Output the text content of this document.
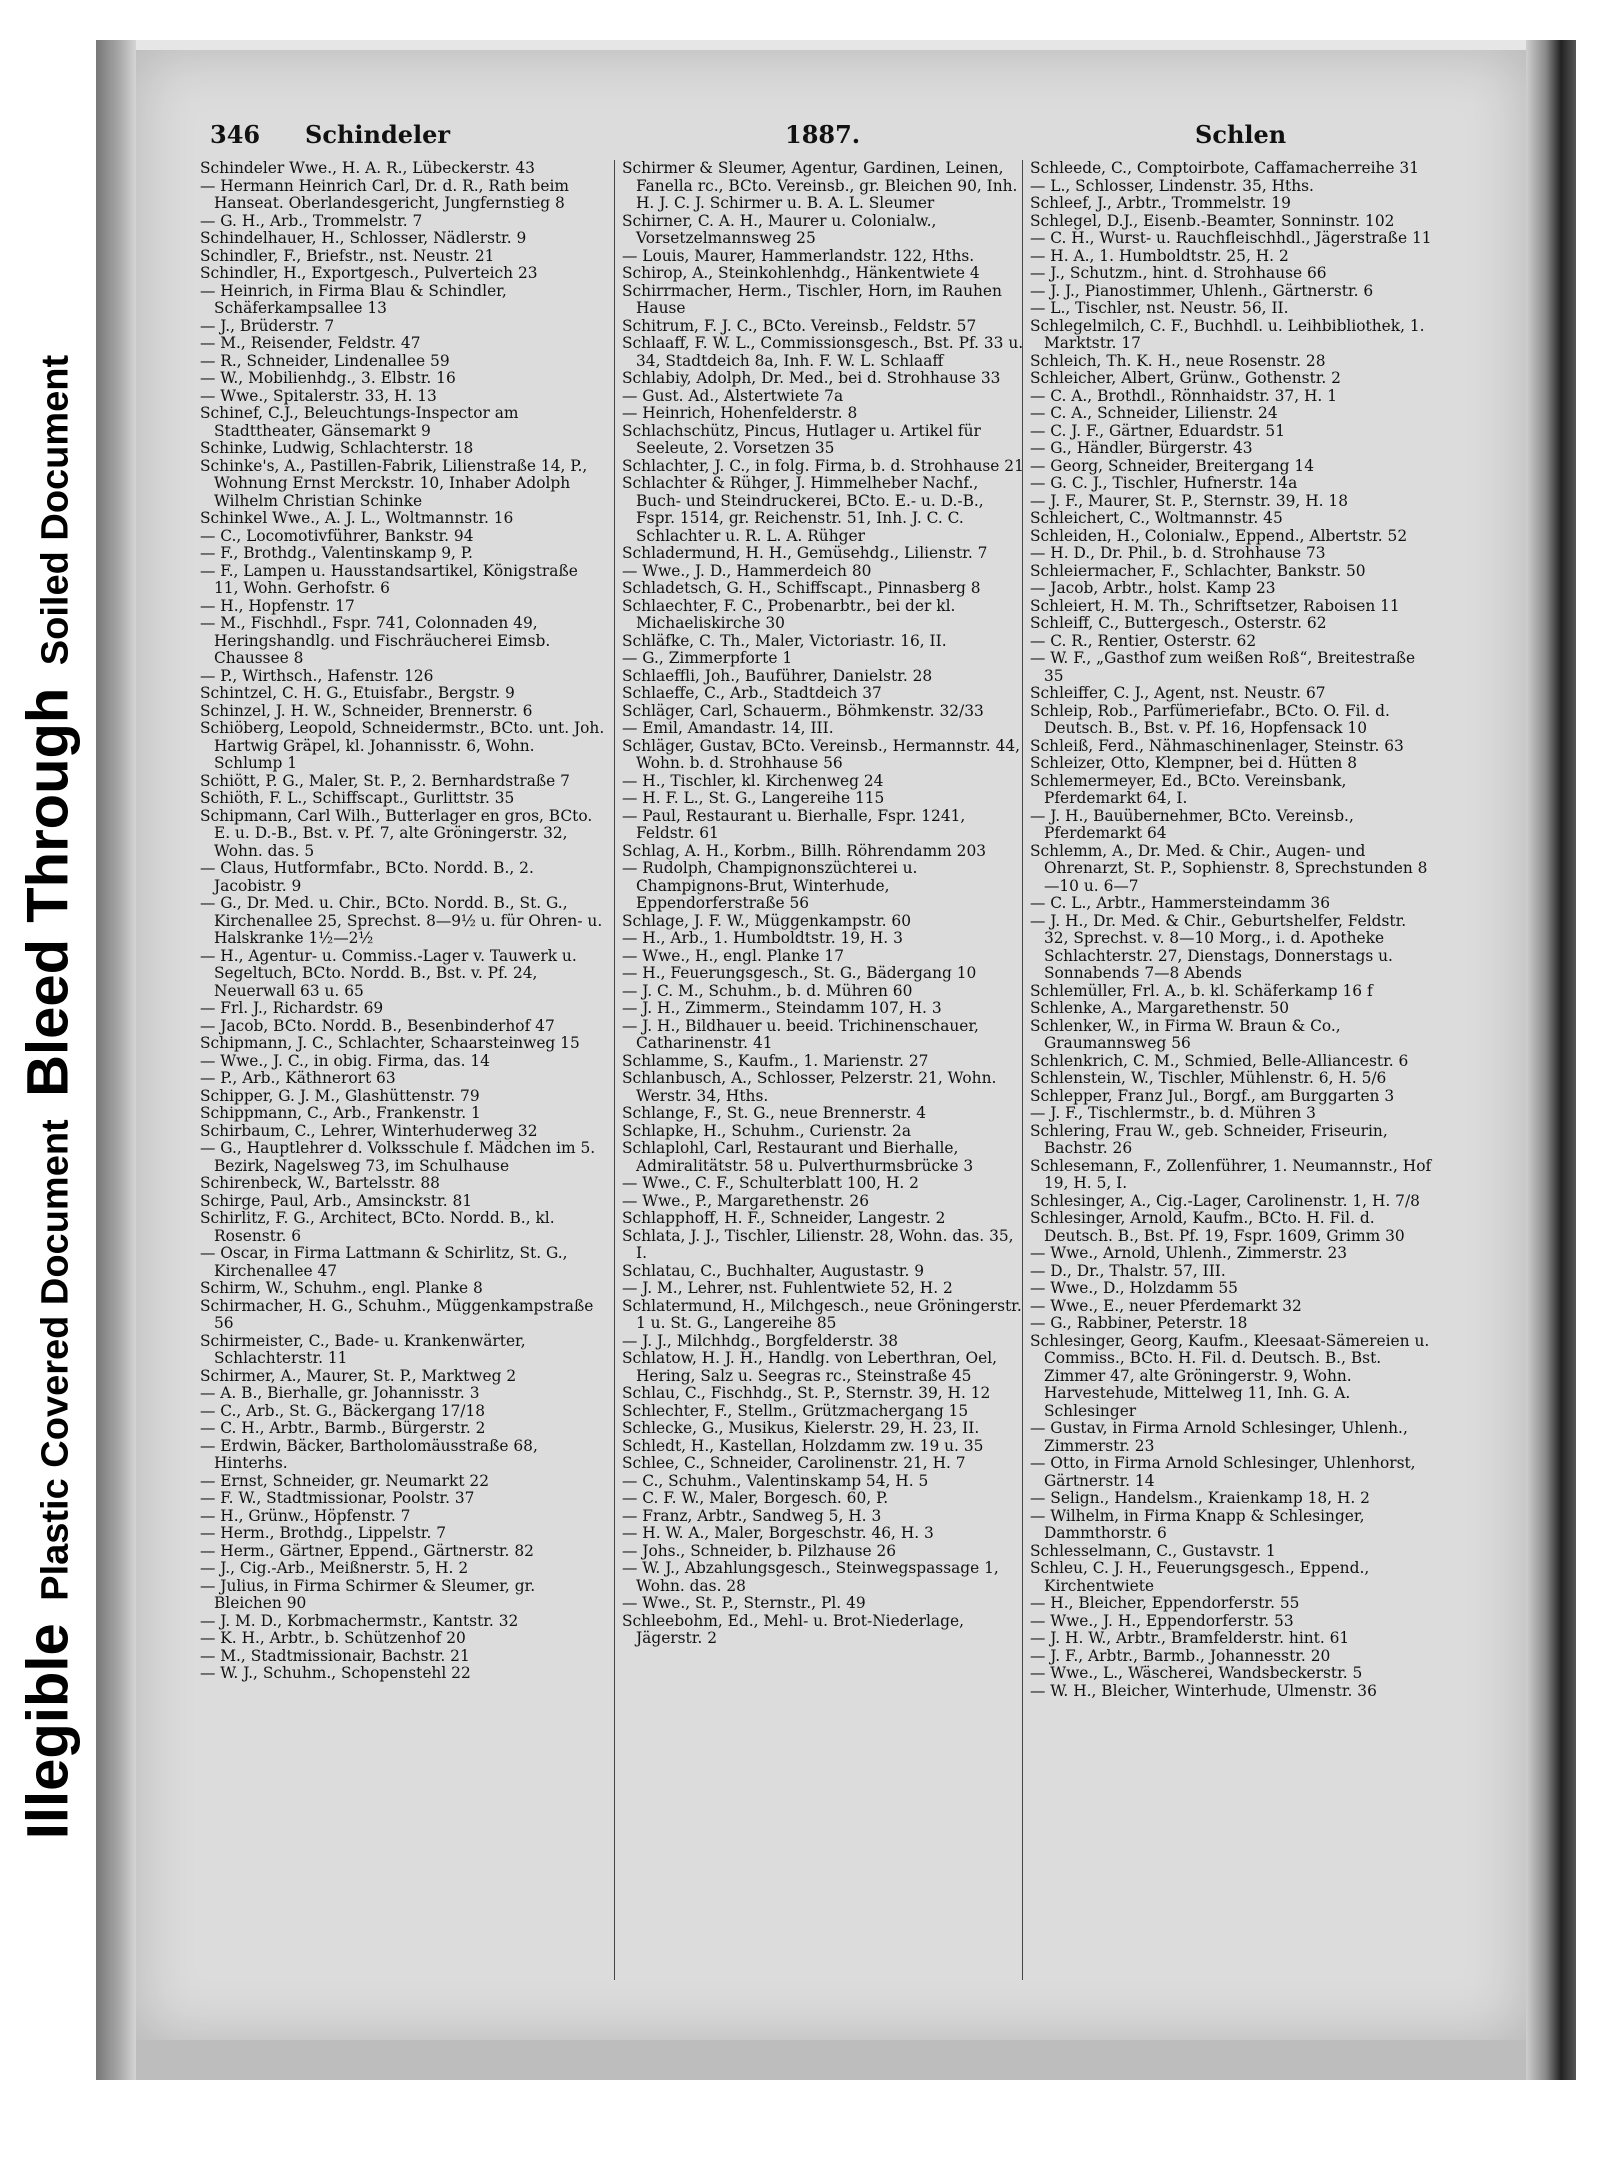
Illegible Plastic Covered Document Bleed Through Soiled Document
346 Schindeler	1887.	Schlen

Schindeler Wwe., H. A. R., Lübeckerstr. 43

— Hermann Heinrich Carl, Dr. d. R., Rath beim Hanseat. Oberlandesgericht, Jungfernstieg 8

— G. H., Arb., Trommelstr. 7

Schindelhauer, H., Schlosser, Nädlerstr. 9

Schindler, F., Briefstr., nst. Neustr. 21

Schindler, H., Exportgesch., Pulverteich 23

— Heinrich, in Firma Blau & Schindler, Schäferkampsallee 13

— J., Brüderstr. 7

— M., Reisender, Feldstr. 47

— R., Schneider, Lindenallee 59

— W., Mobilienhdg., 3. Elbstr. 16

— Wwe., Spitalerstr. 33, H. 13

Schinef, C.J., Beleuchtungs-Inspector am Stadttheater, Gänsemarkt 9

Schinke, Ludwig, Schlachterstr. 18

Schinke's, A., Pastillen-Fabrik, Lilienstraße 14, P., Wohnung Ernst Merckstr. 10, Inhaber Adolph Wilhelm Christian Schinke

Schinkel Wwe., A. J. L., Woltmannstr. 16

— C., Locomotivführer, Bankstr. 94

— F., Brothdg., Valentinskamp 9, P.

— F., Lampen u. Hausstandsartikel, Königstraße 11, Wohn. Gerhofstr. 6

— H., Hopfenstr. 17

— M., Fischhdl., Fspr. 741, Colonnaden 49, Heringshandlg. und Fischräucherei Eimsb. Chaussee 8

— P., Wirthsch., Hafenstr. 126

Schintzel, C. H. G., Etuisfabr., Bergstr. 9

Schinzel, J. H. W., Schneider, Brennerstr. 6

Schiöberg, Leopold, Schneidermstr., BCto. unt. Joh. Hartwig Gräpel, kl. Johannisstr. 6, Wohn. Schlump 1

Schiött, P. G., Maler, St. P., 2. Bernhardstraße 7

Schiöth, F. L., Schiffscapt., Gurlittstr. 35

Schipmann, Carl Wilh., Butterlager en gros, BCto. E. u. D.-B., Bst. v. Pf. 7, alte Gröningerstr. 32, Wohn. das. 5

— Claus, Hutformfabr., BCto. Nordd. B., 2. Jacobistr. 9

— G., Dr. Med. u. Chir., BCto. Nordd. B., St. G., Kirchenallee 25, Sprechst. 8—9½ u. für Ohren- u. Halskranke 1½—2½

— H., Agentur- u. Commiss.-Lager v. Tauwerk u. Segeltuch, BCto. Nordd. B., Bst. v. Pf. 24, Neuerwall 63 u. 65

— Frl. J., Richardstr. 69

— Jacob, BCto. Nordd. B., Besenbinderhof 47

Schipmann, J. C., Schlachter, Schaarsteinweg 15

— Wwe., J. C., in obig. Firma, das. 14

— P., Arb., Käthnerort 63

Schipper, G. J. M., Glashüttenstr. 79

Schippmann, C., Arb., Frankenstr. 1

Schirbaum, C., Lehrer, Winterhuderweg 32

— G., Hauptlehrer d. Volksschule f. Mädchen im 5. Bezirk, Nagelsweg 73, im Schulhause

Schirenbeck, W., Bartelsstr. 88

Schirge, Paul, Arb., Amsinckstr. 81

Schirlitz, F. G., Architect, BCto. Nordd. B., kl. Rosenstr. 6

— Oscar, in Firma Lattmann & Schirlitz, St. G., Kirchenallee 47

Schirm, W., Schuhm., engl. Planke 8

Schirmacher, H. G., Schuhm., Müggenkampstraße 56

Schirmeister, C., Bade- u. Krankenwärter, Schlachterstr. 11

Schirmer, A., Maurer, St. P., Marktweg 2

— A. B., Bierhalle, gr. Johannisstr. 3

— C., Arb., St. G., Bäckergang 17/18

— C. H., Arbtr., Barmb., Bürgerstr. 2

— Erdwin, Bäcker, Bartholomäusstraße 68, Hinterhs.

— Ernst, Schneider, gr. Neumarkt 22

— F. W., Stadtmissionar, Poolstr. 37

— H., Grünw., Höpfenstr. 7

— Herm., Brothdg., Lippelstr. 7

— Herm., Gärtner, Eppend., Gärtnerstr. 82

— J., Cig.-Arb., Meißnerstr. 5, H. 2

— Julius, in Firma Schirmer & Sleumer, gr. Bleichen 90

— J. M. D., Korbmachermstr., Kantstr. 32

— K. H., Arbtr., b. Schützenhof 20

— M., Stadtmissionair, Bachstr. 21

— W. J., Schuhm., Schopenstehl 22

Schirmer & Sleumer, Agentur, Gardinen, Leinen, Fanella rc., BCto. Vereinsb., gr. Bleichen 90, Inh. H. J. C. J. Schirmer u. B. A. L. Sleumer

Schirner, C. A. H., Maurer u. Colonialw., Vorsetzelmannsweg 25

— Louis, Maurer, Hammerlandstr. 122, Hths.

Schirop, A., Steinkohlenhdg., Hänkentwiete 4

Schirrmacher, Herm., Tischler, Horn, im Rauhen Hause

Schitrum, F. J. C., BCto. Vereinsb., Feldstr. 57

Schlaaff, F. W. L., Commissionsgesch., Bst. Pf. 33 u. 34, Stadtdeich 8a, Inh. F. W. L. Schlaaff

Schlabiy, Adolph, Dr. Med., bei d. Strohhause 33

— Gust. Ad., Alstertwiete 7a

— Heinrich, Hohenfelderstr. 8

Schlachschütz, Pincus, Hutlager u. Artikel für Seeleute, 2. Vorsetzen 35

Schlachter, J. C., in folg. Firma, b. d. Strohhause 21

Schlachter & Rühger, J. Himmelheber Nachf., Buch- und Steindruckerei, BCto. E.- u. D.-B., Fspr. 1514, gr. Reichenstr. 51, Inh. J. C. C. Schlachter u. R. L. A. Rühger

Schladermund, H. H., Gemüsehdg., Lilienstr. 7

— Wwe., J. D., Hammerdeich 80

Schladetsch, G. H., Schiffscapt., Pinnasberg 8

Schlaechter, F. C., Probenarbtr., bei der kl. Michaeliskirche 30

Schläfke, C. Th., Maler, Victoriastr. 16, II.

— G., Zimmerpforte 1

Schlaeffli, Joh., Bauführer, Danielstr. 28

Schlaeffe, C., Arb., Stadtdeich 37

Schläger, Carl, Schauerm., Böhmkenstr. 32/33

— Emil, Amandastr. 14, III.

Schläger, Gustav, BCto. Vereinsb., Hermannstr. 44, Wohn. b. d. Strohhause 56

— H., Tischler, kl. Kirchenweg 24

— H. F. L., St. G., Langereihe 115

— Paul, Restaurant u. Bierhalle, Fspr. 1241, Feldstr. 61

Schlag, A. H., Korbm., Billh. Röhrendamm 203

— Rudolph, Champignonszüchterei u. Champignons-Brut, Winterhude, Eppendorferstraße 56

Schlage, J. F. W., Müggenkampstr. 60

— H., Arb., 1. Humboldtstr. 19, H. 3

— Wwe., H., engl. Planke 17

— H., Feuerungsgesch., St. G., Bädergang 10

— J. C. M., Schuhm., b. d. Mühren 60

— J. H., Zimmerm., Steindamm 107, H. 3

— J. H., Bildhauer u. beeid. Trichinenschauer, Catharinenstr. 41

Schlamme, S., Kaufm., 1. Marienstr. 27

Schlanbusch, A., Schlosser, Pelzerstr. 21, Wohn. Werstr. 34, Hths.

Schlange, F., St. G., neue Brennerstr. 4

Schlapke, H., Schuhm., Curienstr. 2a

Schlaplohl, Carl, Restaurant und Bierhalle, Admiralitätstr. 58 u. Pulverthurmsbrücke 3

— Wwe., C. F., Schulterblatt 100, H. 2

— Wwe., P., Margarethenstr. 26

Schlapphoff, H. F., Schneider, Langestr. 2

Schlata, J. J., Tischler, Lilienstr. 28, Wohn. das. 35, I.

Schlatau, C., Buchhalter, Augustastr. 9

— J. M., Lehrer, nst. Fuhlentwiete 52, H. 2

Schlatermund, H., Milchgesch., neue Gröningerstr. 1 u. St. G., Langereihe 85

— J. J., Milchhdg., Borgfelderstr. 38

Schlatow, H. J. H., Handlg. von Leberthran, Oel, Hering, Salz u. Seegras rc., Steinstraße 45

Schlau, C., Fischhdg., St. P., Sternstr. 39, H. 12

Schlechter, F., Stellm., Grützmachergang 15

Schlecke, G., Musikus, Kielerstr. 29, H. 23, II.

Schledt, H., Kastellan, Holzdamm zw. 19 u. 35

Schlee, C., Schneider, Carolinenstr. 21, H. 7

— C., Schuhm., Valentinskamp 54, H. 5

— C. F. W., Maler, Borgesch. 60, P.

— Franz, Arbtr., Sandweg 5, H. 3

— H. W. A., Maler, Borgeschstr. 46, H. 3

— Johs., Schneider, b. Pilzhause 26

— W. J., Abzahlungsgesch., Steinwegspassage 1, Wohn. das. 28

— Wwe., St. P., Sternstr., Pl. 49

Schleebohm, Ed., Mehl- u. Brot-Niederlage, Jägerstr. 2

Schleede, C., Comptoirbote, Caffamacherreihe 31

— L., Schlosser, Lindenstr. 35, Hths.

Schleef, J., Arbtr., Trommelstr. 19

Schlegel, D.J., Eisenb.-Beamter, Sonninstr. 102

— C. H., Wurst- u. Rauchfleischhdl., Jägerstraße 11

— H. A., 1. Humboldtstr. 25, H. 2

— J., Schutzm., hint. d. Strohhause 66

— J. J., Pianostimmer, Uhlenh., Gärtnerstr. 6

— L., Tischler, nst. Neustr. 56, II.

Schlegelmilch, C. F., Buchhdl. u. Leihbibliothek, 1. Marktstr. 17

Schleich, Th. K. H., neue Rosenstr. 28

Schleicher, Albert, Grünw., Gothenstr. 2

— C. A., Brothdl., Rönnhaidstr. 37, H. 1

— C. A., Schneider, Lilienstr. 24

— C. J. F., Gärtner, Eduardstr. 51

— G., Händler, Bürgerstr. 43

— Georg, Schneider, Breitergang 14

— G. C. J., Tischler, Hufnerstr. 14a

— J. F., Maurer, St. P., Sternstr. 39, H. 18

Schleichert, C., Woltmannstr. 45

Schleiden, H., Colonialw., Eppend., Albertstr. 52

— H. D., Dr. Phil., b. d. Strohhause 73

Schleiermacher, F., Schlachter, Bankstr. 50

— Jacob, Arbtr., holst. Kamp 23

Schleiert, H. M. Th., Schriftsetzer, Raboisen 11

Schleiff, C., Buttergesch., Osterstr. 62

— C. R., Rentier, Osterstr. 62

— W. F., „Gasthof zum weißen Roß“, Breitestraße 35

Schleiffer, C. J., Agent, nst. Neustr. 67

Schleip, Rob., Parfümeriefabr., BCto. O. Fil. d. Deutsch. B., Bst. v. Pf. 16, Hopfensack 10

Schleiß, Ferd., Nähmaschinenlager, Steinstr. 63

Schleizer, Otto, Klempner, bei d. Hütten 8

Schlemermeyer, Ed., BCto. Vereinsbank, Pferdemarkt 64, I.

— J. H., Bauübernehmer, BCto. Vereinsb., Pferdemarkt 64

Schlemm, A., Dr. Med. & Chir., Augen- und Ohrenarzt, St. P., Sophienstr. 8, Sprechstunden 8—10 u. 6—7

— C. L., Arbtr., Hammersteindamm 36

— J. H., Dr. Med. & Chir., Geburtshelfer, Feldstr. 32, Sprechst. v. 8—10 Morg., i. d. Apotheke Schlachterstr. 27, Dienstags, Donnerstags u. Sonnabends 7—8 Abends

Schlemüller, Frl. A., b. kl. Schäferkamp 16 f

Schlenke, A., Margarethenstr. 50

Schlenker, W., in Firma W. Braun & Co., Graumannsweg 56

Schlenkrich, C. M., Schmied, Belle-Alliancestr. 6

Schlenstein, W., Tischler, Mühlenstr. 6, H. 5/6

Schlepper, Franz Jul., Borgf., am Burggarten 3

— J. F., Tischlermstr., b. d. Mühren 3

Schlering, Frau W., geb. Schneider, Friseurin, Bachstr. 26

Schlesemann, F., Zollenführer, 1. Neumannstr., Hof 19, H. 5, I.

Schlesinger, A., Cig.-Lager, Carolinenstr. 1, H. 7/8

Schlesinger, Arnold, Kaufm., BCto. H. Fil. d. Deutsch. B., Bst. Pf. 19, Fspr. 1609, Grimm 30

— Wwe., Arnold, Uhlenh., Zimmerstr. 23

— D., Dr., Thalstr. 57, III.

— Wwe., D., Holzdamm 55

— Wwe., E., neuer Pferdemarkt 32

— G., Rabbiner, Peterstr. 18

Schlesinger, Georg, Kaufm., Kleesaat-Sämereien u. Commiss., BCto. H. Fil. d. Deutsch. B., Bst. Zimmer 47, alte Gröningerstr. 9, Wohn. Harvestehude, Mittelweg 11, Inh. G. A. Schlesinger

— Gustav, in Firma Arnold Schlesinger, Uhlenh., Zimmerstr. 23

— Otto, in Firma Arnold Schlesinger, Uhlenhorst, Gärtnerstr. 14

— Selign., Handelsm., Kraienkamp 18, H. 2

— Wilhelm, in Firma Knapp & Schlesinger, Dammthorstr. 6

Schlesselmann, C., Gustavstr. 1

Schleu, C. J. H., Feuerungsgesch., Eppend., Kirchentwiete

— H., Bleicher, Eppendorferstr. 55

— Wwe., J. H., Eppendorferstr. 53

— J. H. W., Arbtr., Bramfelderstr. hint. 61

— J. F., Arbtr., Barmb., Johannesstr. 20

— Wwe., L., Wäscherei, Wandsbeckerstr. 5

— W. H., Bleicher, Winterhude, Ulmenstr. 36
